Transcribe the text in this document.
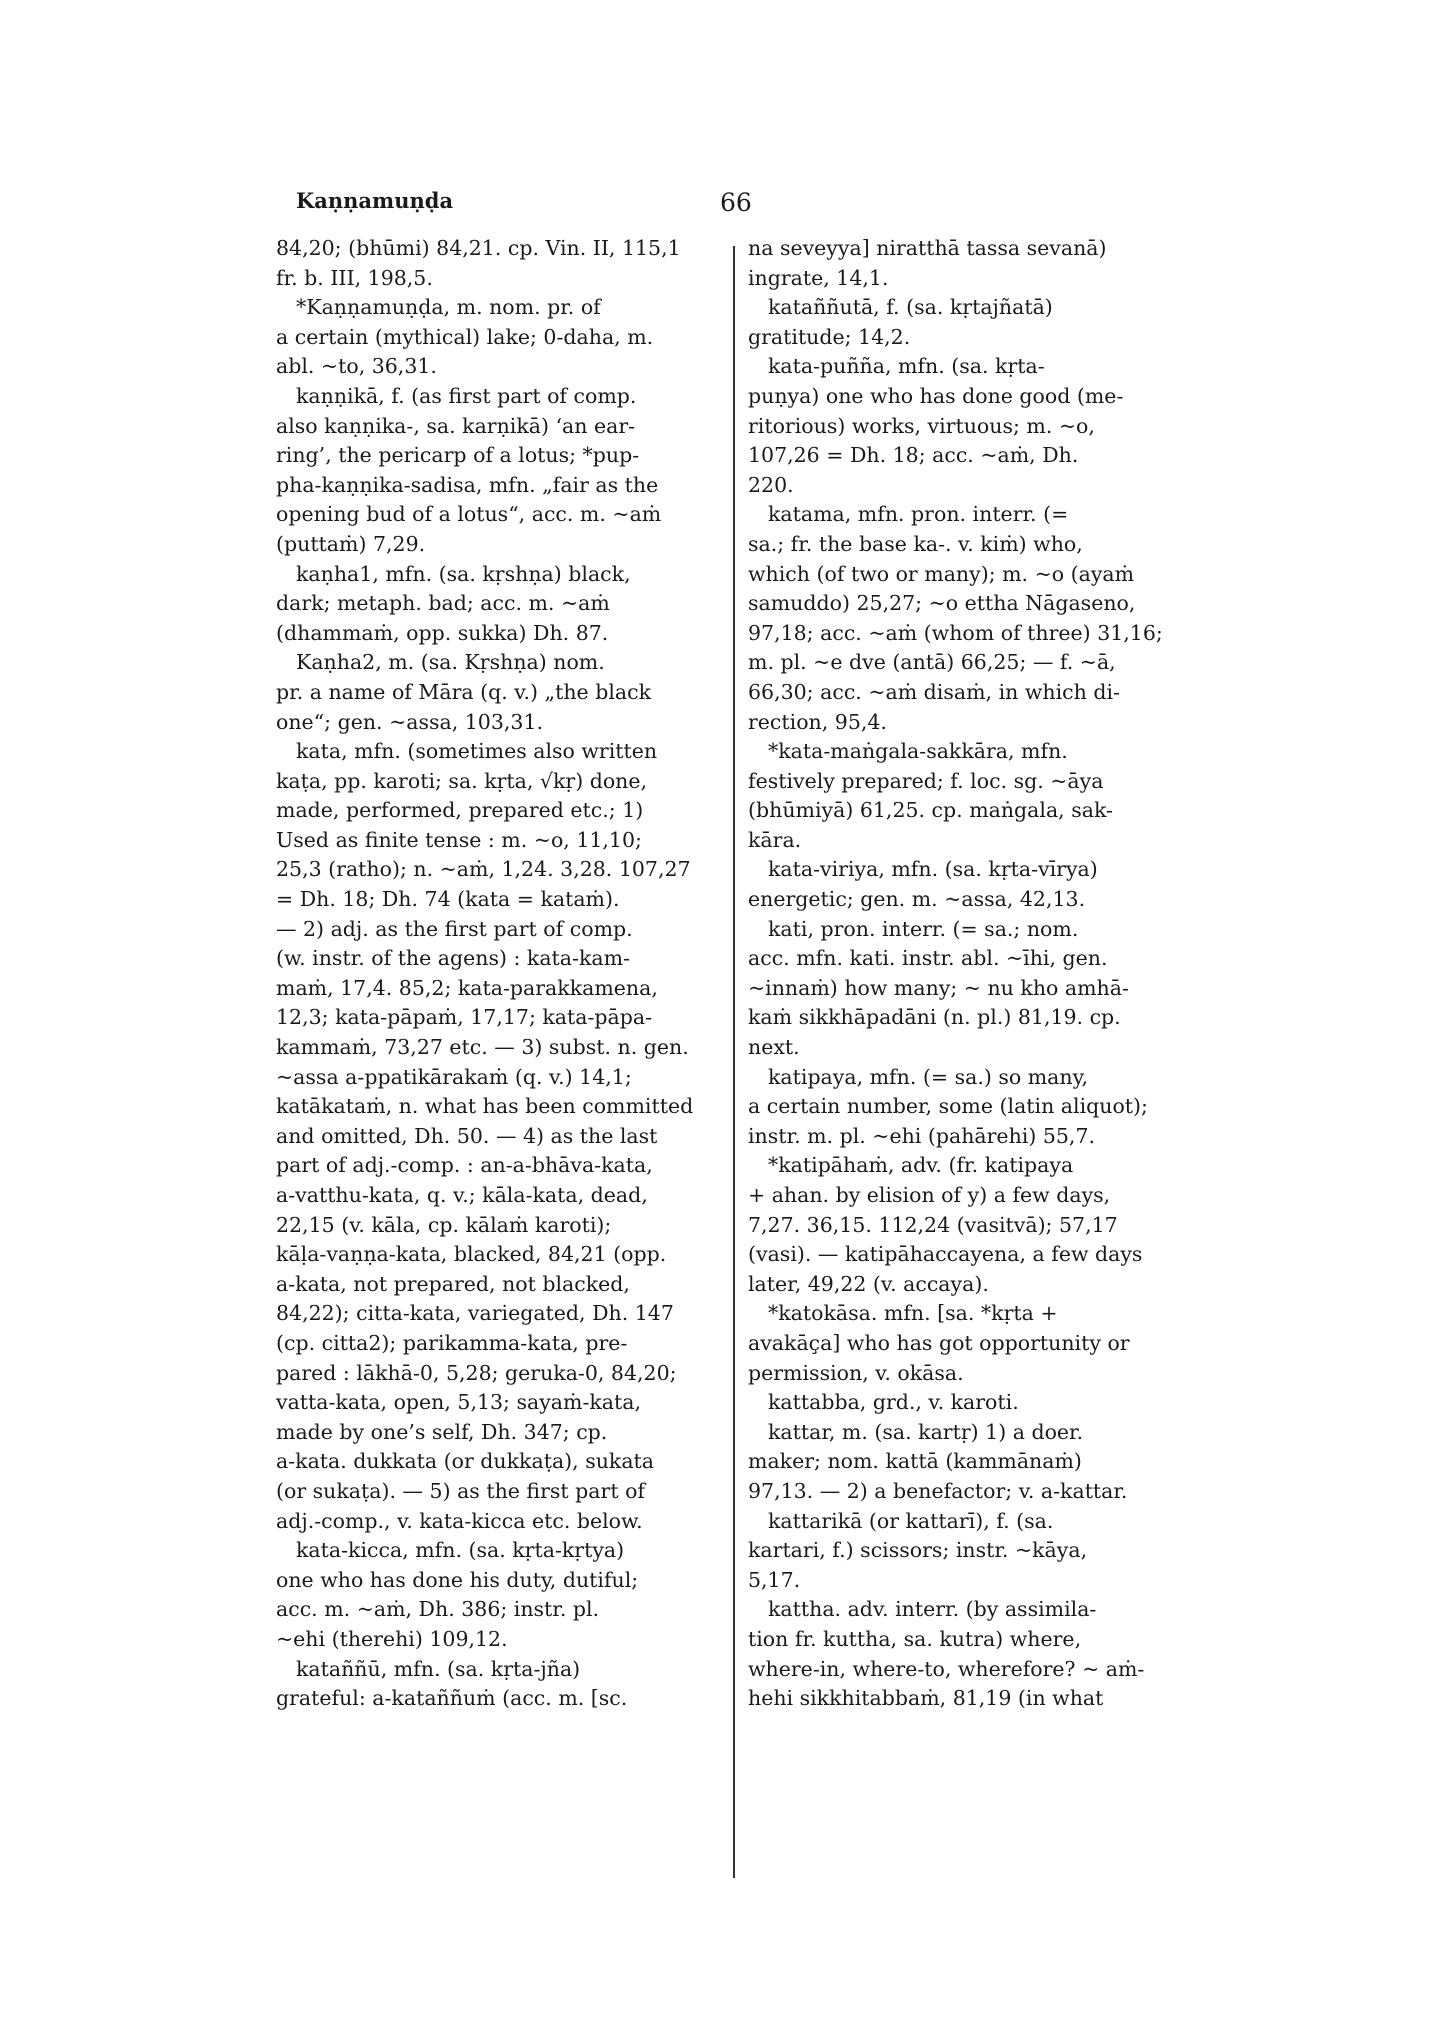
Kaṇṇamuṇḍa	66
84,20; (bhūmi) 84,21. cp. Vin. II, 115,1
fr. b. III, 198,5.
*Kaṇṇamuṇḍa, m. nom. pr. of
a certain (mythical) lake; 0-daha, m.
abl. ~to, 36,31.
kaṇṇikā, f. (as first part of comp.
also kaṇṇika-, sa. karṇikā) ‘an ear-
ring’, the pericarp of a lotus; *pup-
pha-kaṇṇika-sadisa, mfn. „fair as the
opening bud of a lotus“, acc. m. ~aṁ
(puttaṁ) 7,29.
kaṇha1, mfn. (sa. kṛshṇa) black,
dark; metaph. bad; acc. m. ~aṁ
(dhammaṁ, opp. sukka) Dh. 87.
Kaṇha2, m. (sa. Kṛshṇa) nom.
pr. a name of Māra (q. v.) „the black
one“; gen. ~assa, 103,31.
kata, mfn. (sometimes also written
kaṭa, pp. karoti; sa. kṛta, √kṛ) done,
made, performed, prepared etc.; 1)
Used as finite tense : m. ~o, 11,10;
25,3 (ratho); n. ~aṁ, 1,24. 3,28. 107,27
= Dh. 18; Dh. 74 (kata = kataṁ).
— 2) adj. as the first part of comp.
(w. instr. of the agens) : kata-kam-
maṁ, 17,4. 85,2; kata-parakkamena,
12,3; kata-pāpaṁ, 17,17; kata-pāpa-
kammaṁ, 73,27 etc. — 3) subst. n. gen.
~assa a-ppatikārakaṁ (q. v.) 14,1;
katākataṁ, n. what has been committed
and omitted, Dh. 50. — 4) as the last
part of adj.-comp. : an-a-bhāva-kata,
a-vatthu-kata, q. v.; kāla-kata, dead,
22,15 (v. kāla, cp. kālaṁ karoti);
kāḷa-vaṇṇa-kata, blacked, 84,21 (opp.
a-kata, not prepared, not blacked,
84,22); citta-kata, variegated, Dh. 147
(cp. citta2); parikamma-kata, pre-
pared : lākhā-0, 5,28; geruka-0, 84,20;
vatta-kata, open, 5,13; sayaṁ-kata,
made by one’s self, Dh. 347; cp.
a-kata. dukkata (or dukkaṭa), sukata
(or sukaṭa). — 5) as the first part of
adj.-comp., v. kata-kicca etc. below.
kata-kicca, mfn. (sa. kṛta-kṛtya)
one who has done his duty, dutiful;
acc. m. ~aṁ, Dh. 386; instr. pl.
~ehi (therehi) 109,12.
kataññū, mfn. (sa. kṛta-jña)
grateful: a-kataññuṁ (acc. m. [sc.
na seveyya] niratthā tassa sevanā)
ingrate, 14,1.
kataññutā, f. (sa. kṛtajñatā)
gratitude; 14,2.
kata-puñña, mfn. (sa. kṛta-
puṇya) one who has done good (me-
ritorious) works, virtuous; m. ~o,
107,26 = Dh. 18; acc. ~aṁ, Dh.
220.
katama, mfn. pron. interr. (=
sa.; fr. the base ka-. v. kiṁ) who,
which (of two or many); m. ~o (ayaṁ
samuddo) 25,27; ~o ettha Nāgaseno,
97,18; acc. ~aṁ (whom of three) 31,16;
m. pl. ~e dve (antā) 66,25; — f. ~ā,
66,30; acc. ~aṁ disaṁ, in which di-
rection, 95,4.
*kata-maṅgala-sakkāra, mfn.
festively prepared; f. loc. sg. ~āya
(bhūmiyā) 61,25. cp. maṅgala, sak-
kāra.
kata-viriya, mfn. (sa. kṛta-vīrya)
energetic; gen. m. ~assa, 42,13.
kati, pron. interr. (= sa.; nom.
acc. mfn. kati. instr. abl. ~īhi, gen.
~innaṁ) how many; ~ nu kho amhā-
kaṁ sikkhāpadāni (n. pl.) 81,19. cp.
next.
katipaya, mfn. (= sa.) so many,
a certain number, some (latin aliquot);
instr. m. pl. ~ehi (pahārehi) 55,7.
*katipāhaṁ, adv. (fr. katipaya
+ ahan. by elision of y) a few days,
7,27. 36,15. 112,24 (vasitvā); 57,17
(vasi). — katipāhaccayena, a few days
later, 49,22 (v. accaya).
*katokāsa. mfn. [sa. *kṛta +
avakāça] who has got opportunity or
permission, v. okāsa.
kattabba, grd., v. karoti.
kattar, m. (sa. kartṛ) 1) a doer.
maker; nom. kattā (kammānaṁ)
97,13. — 2) a benefactor; v. a-kattar.
kattarikā (or kattarī), f. (sa.
kartari, f.) scissors; instr. ~kāya,
5,17.
kattha. adv. interr. (by assimila-
tion fr. kuttha, sa. kutra) where,
where-in, where-to, wherefore? ~ aṁ-
hehi sikkhitabbaṁ, 81,19 (in what
